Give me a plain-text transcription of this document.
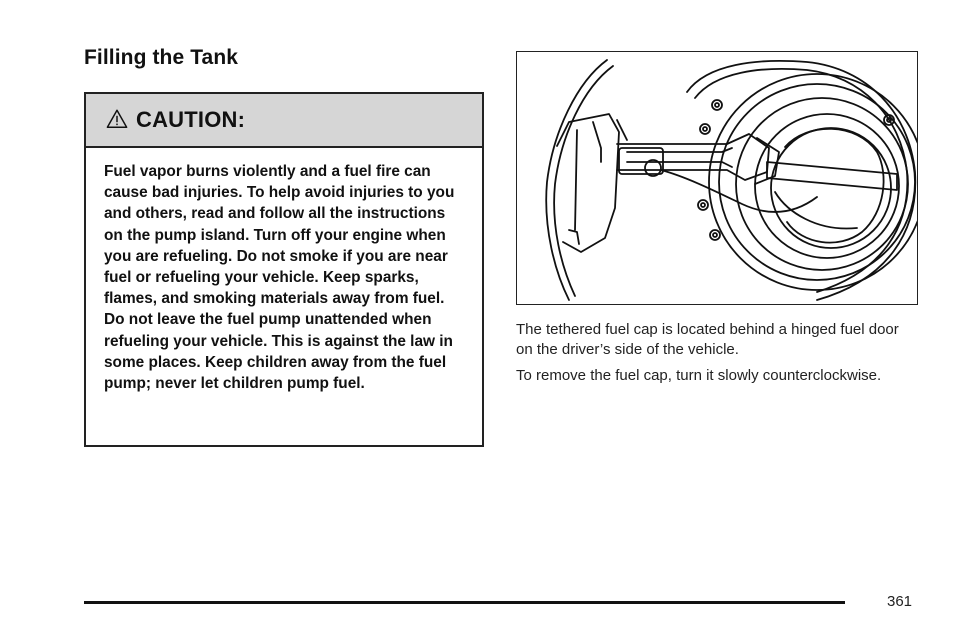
Filling the Tank
CAUTION:
Fuel vapor burns violently and a fuel fire can cause bad injuries. To help avoid injuries to you and others, read and follow all the instructions on the pump island. Turn off your engine when you are refueling. Do not smoke if you are near fuel or refueling your vehicle. Keep sparks, flames, and smoking materials away from fuel. Do not leave the fuel pump unattended when refueling your vehicle. This is against the law in some places. Keep children away from the fuel pump; never let children pump fuel.
The tethered fuel cap is located behind a hinged fuel door on the driver’s side of the vehicle.
To remove the fuel cap, turn it slowly counterclockwise.
361
